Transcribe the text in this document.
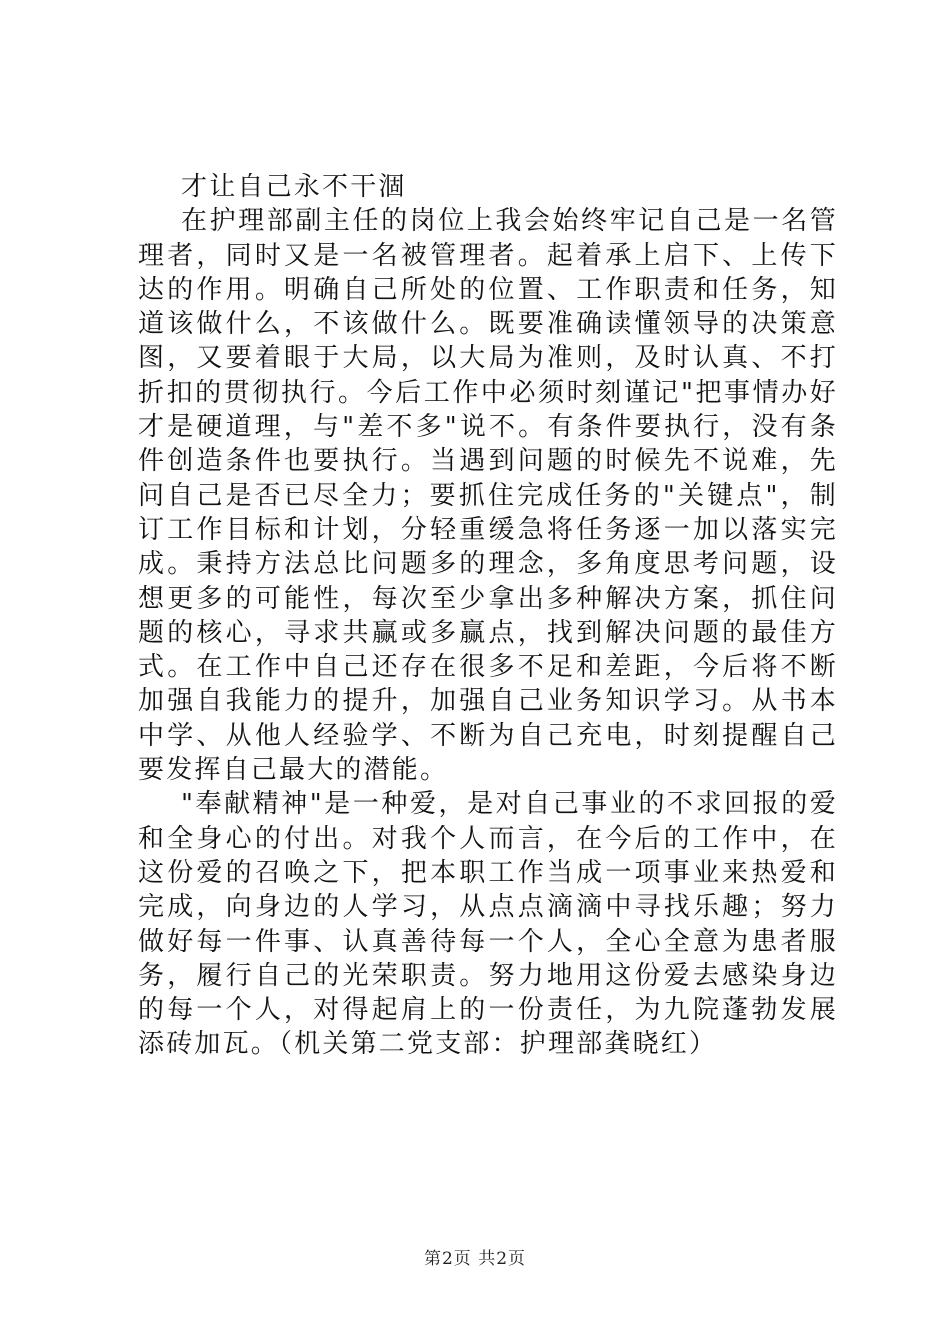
才让自己永不干涸

在护理部副主任的岗位上我会始终牢记自己是一名管理者，同时又是一名被管理者。起着承上启下、上传下达的作用。明确自己所处的位置、工作职责和任务，知道该做什么，不该做什么。既要准确读懂领导的决策意图，又要着眼于大局，以大局为准则，及时认真、不打折扣的贯彻执行。今后工作中必须时刻谨记"把事情办好才是硬道理，与"差不多"说不。有条件要执行，没有条件创造条件也要执行。当遇到问题的时候先不说难，先问自己是否已尽全力；要抓住完成任务的"关键点"，制订工作目标和计划，分轻重缓急将任务逐一加以落实完成。秉持方法总比问题多的理念，多角度思考问题，设想更多的可能性，每次至少拿出多种解决方案，抓住问题的核心，寻求共赢或多赢点，找到解决问题的最佳方式。在工作中自己还存在很多不足和差距，今后将不断加强自我能力的提升，加强自己业务知识学习。从书本中学、从他人经验学、不断为自己充电，时刻提醒自己要发挥自己最大的潜能。

"奉献精神"是一种爱，是对自己事业的不求回报的爱和全身心的付出。对我个人而言，在今后的工作中，在这份爱的召唤之下，把本职工作当成一项事业来热爱和完成，向身边的人学习，从点点滴滴中寻找乐趣；努力做好每一件事、认真善待每一个人，全心全意为患者服务，履行自己的光荣职责。努力地用这份爱去感染身边的每一个人，对得起肩上的一份责任，为九院蓬勃发展添砖加瓦。（机关第二党支部：护理部龚晓红）

第2页 共2页
